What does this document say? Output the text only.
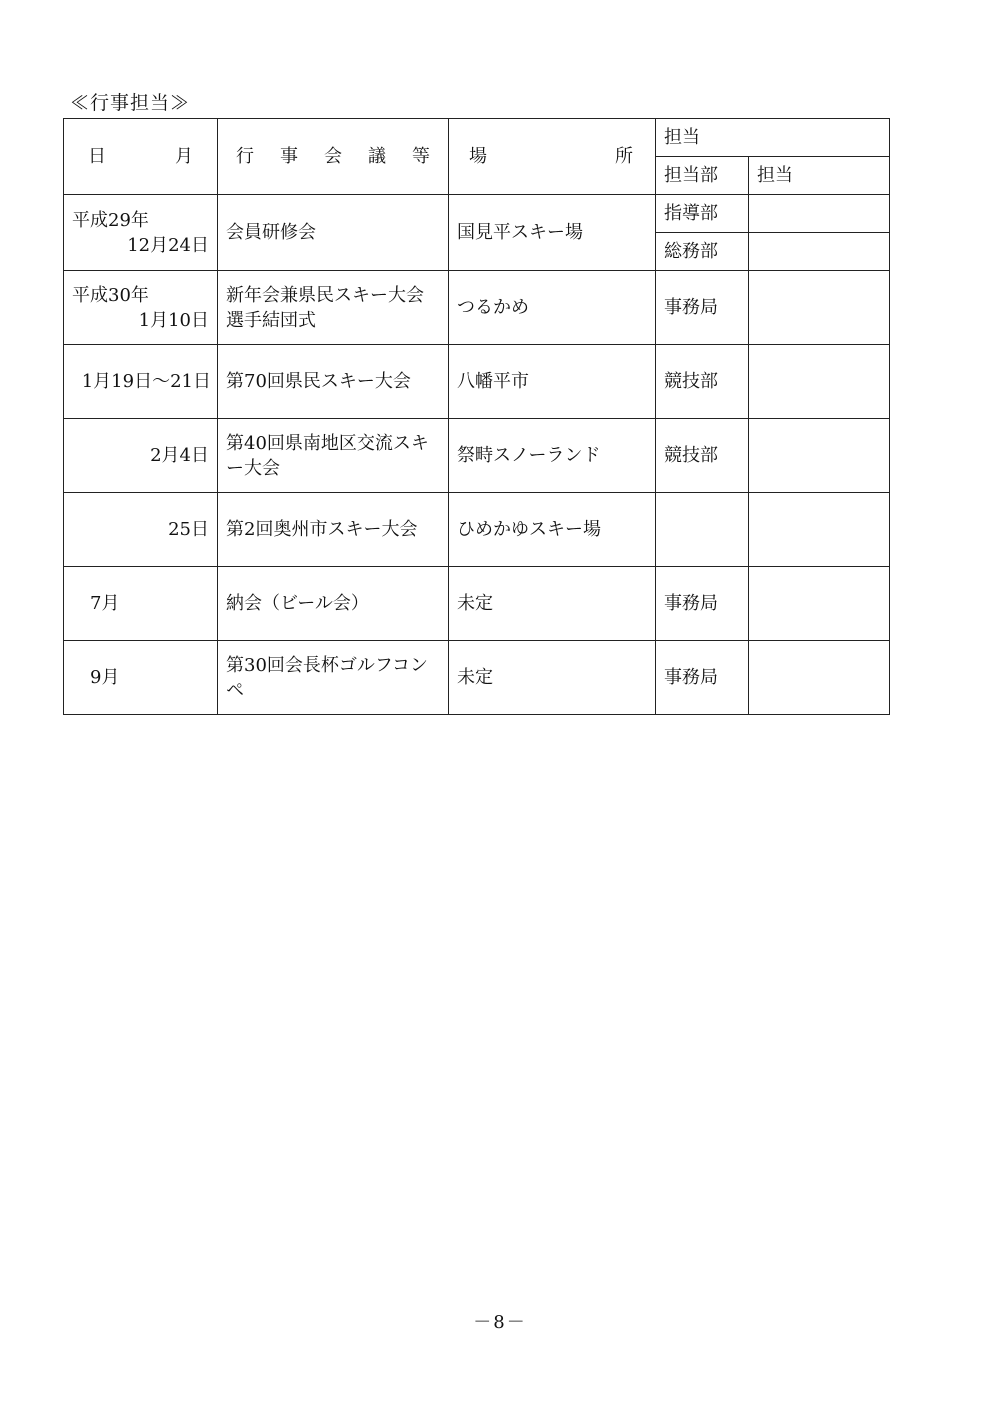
≪行事担当≫
日 月	行 事 会 議 等	場 所	担当	
			担当部	担当

平成29年
12月24日	会員研修会	国見平スキー場	指導部	
			総務部	

平成30年
1月10日	新年会兼県民スキー大会選手結団式	つるかめ	事務局	
1月19日～21日	第70回県民スキー大会	八幡平市	競技部	
2月4日	第40回県南地区交流スキー大会	祭畤スノーランド	競技部	
25日	第2回奥州市スキー大会	ひめかゆスキー場		
7月	納会（ビール会）	未定	事務局	
9月	第30回会長杯ゴルフコンペ	未定	事務局	
－8－
